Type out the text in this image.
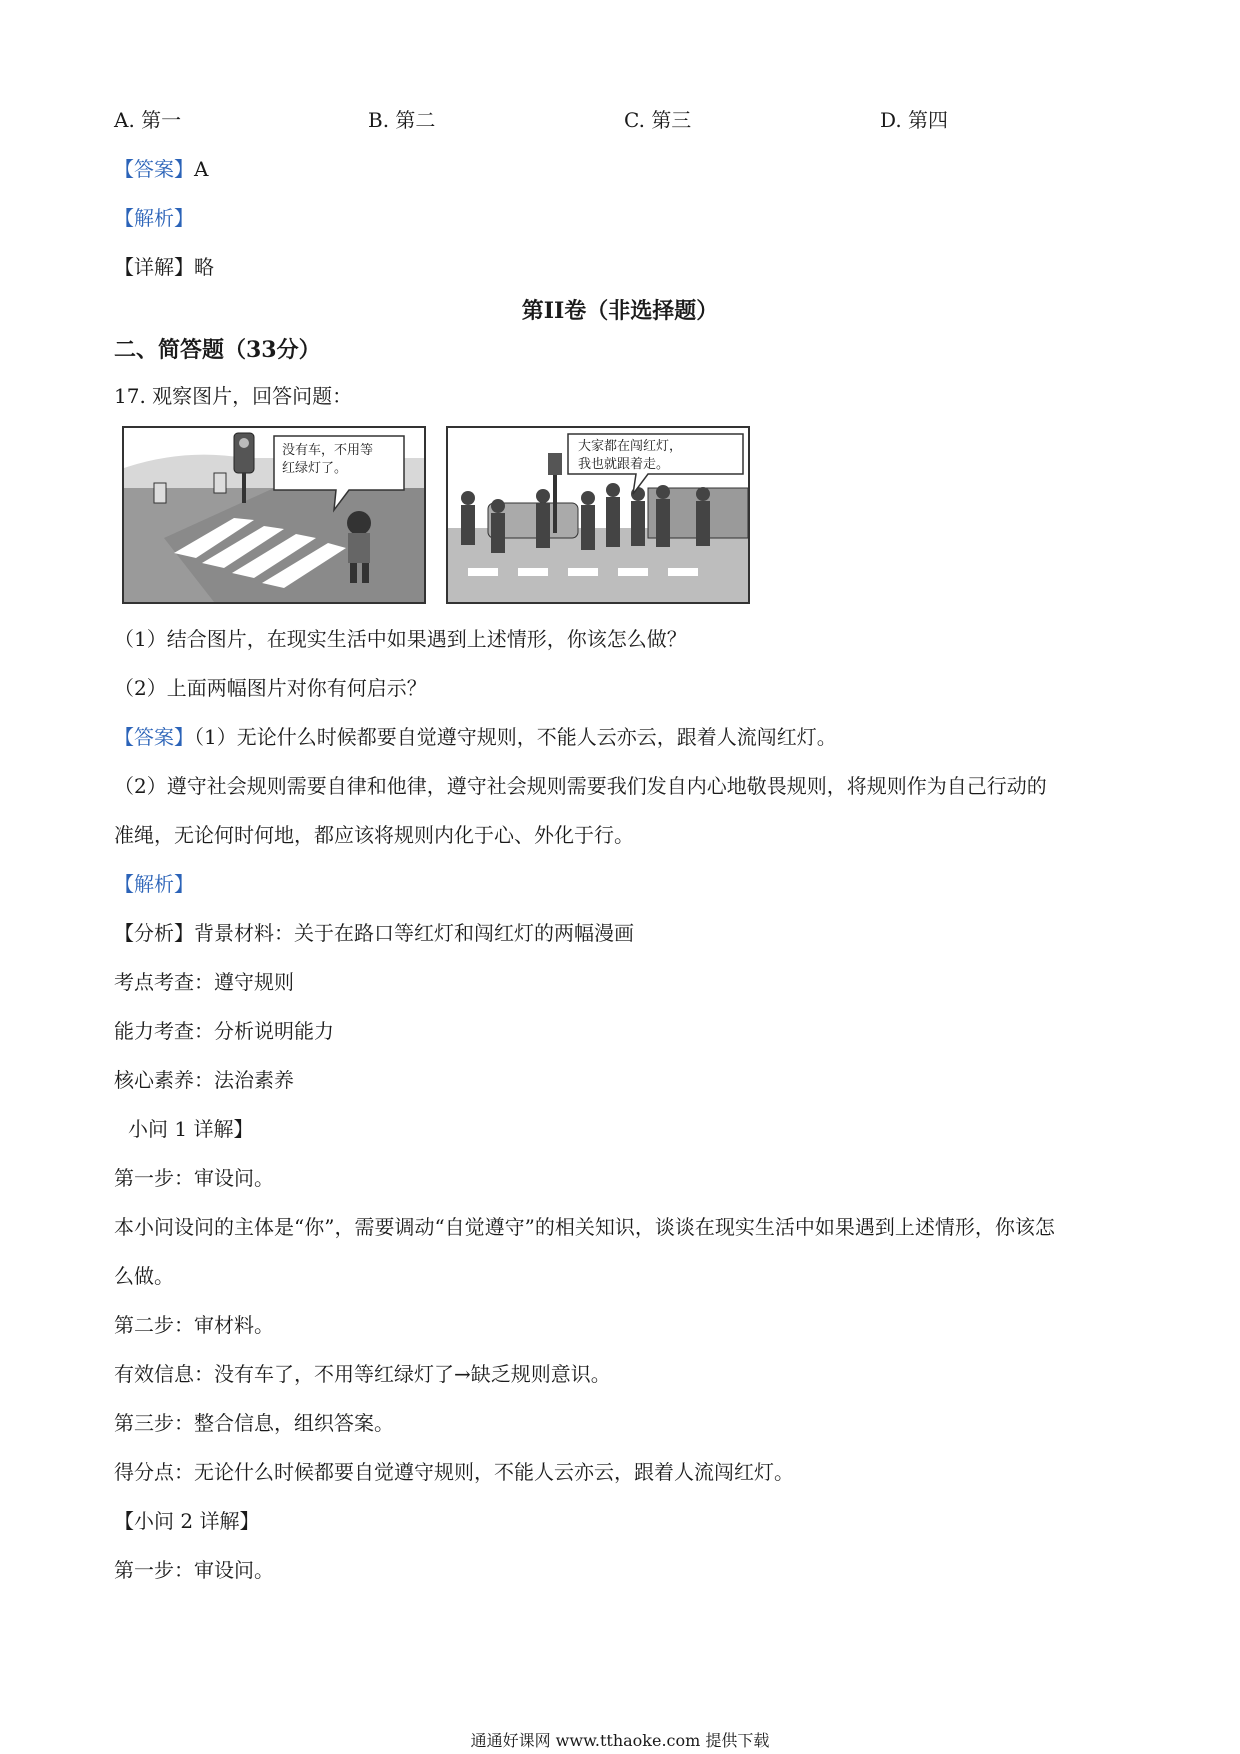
A. 第一	B. 第二	C. 第三	D. 第四
【答案】A
【解析】
【详解】略
第II卷（非选择题）
二、简答题（33分）
17. 观察图片，回答问题：
没有车，不用等
红绿灯了。
大家都在闯红灯，
我也就跟着走。
（1）结合图片，在现实生活中如果遇到上述情形，你该怎么做？
（2）上面两幅图片对你有何启示？
【答案】（1）无论什么时候都要自觉遵守规则，不能人云亦云，跟着人流闯红灯。
（2）遵守社会规则需要自律和他律，遵守社会规则需要我们发自内心地敬畏规则，将规则作为自己行动的
准绳，无论何时何地，都应该将规则内化于心、外化于行。
【解析】
【分析】背景材料：关于在路口等红灯和闯红灯的两幅漫画
考点考查：遵守规则
能力考查：分析说明能力
核心素养：法治素养
小问 1 详解】
第一步：审设问。
本小问设问的主体是“你”，需要调动“自觉遵守”的相关知识，谈谈在现实生活中如果遇到上述情形，你该怎
么做。
第二步：审材料。
有效信息：没有车了，不用等红绿灯了→缺乏规则意识。
第三步：整合信息，组织答案。
得分点：无论什么时候都要自觉遵守规则，不能人云亦云，跟着人流闯红灯。
【小问 2 详解】
第一步：审设问。
通通好课网 www.tthaoke.com 提供下载
